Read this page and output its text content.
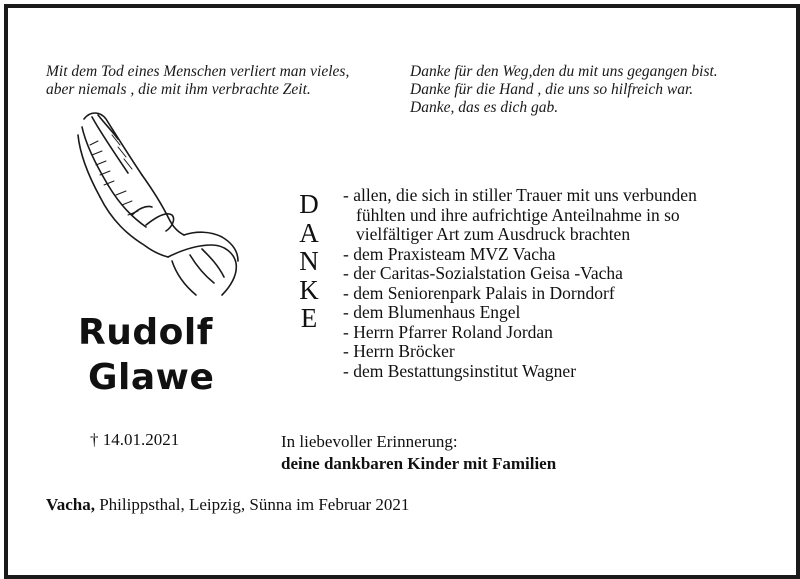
Mit dem Tod eines Menschen verliert man vieles,
aber niemals , die mit ihm verbrachte Zeit.
Danke für den Weg,den du mit uns gegangen bist.
Danke für die Hand , die uns so hilfreich war.
Danke, das es dich gab.
Rudolf
Glawe
D
A
N
K
E
- allen, die sich in stiller Trauer mit uns verbunden
fühlten und ihre aufrichtige Anteilnahme in so
vielfältiger Art zum Ausdruck brachten
- dem Praxisteam MVZ Vacha
- der Caritas-Sozialstation Geisa -Vacha
- dem Seniorenpark Palais in Dorndorf
- dem Blumenhaus Engel
- Herrn Pfarrer Roland Jordan
- Herrn Bröcker
- dem Bestattungsinstitut Wagner
† 14.01.2021	In liebevoller Erinnerung:
deine dankbaren Kinder mit Familien
Vacha, Philippsthal, Leipzig, Sünna im Februar 2021
